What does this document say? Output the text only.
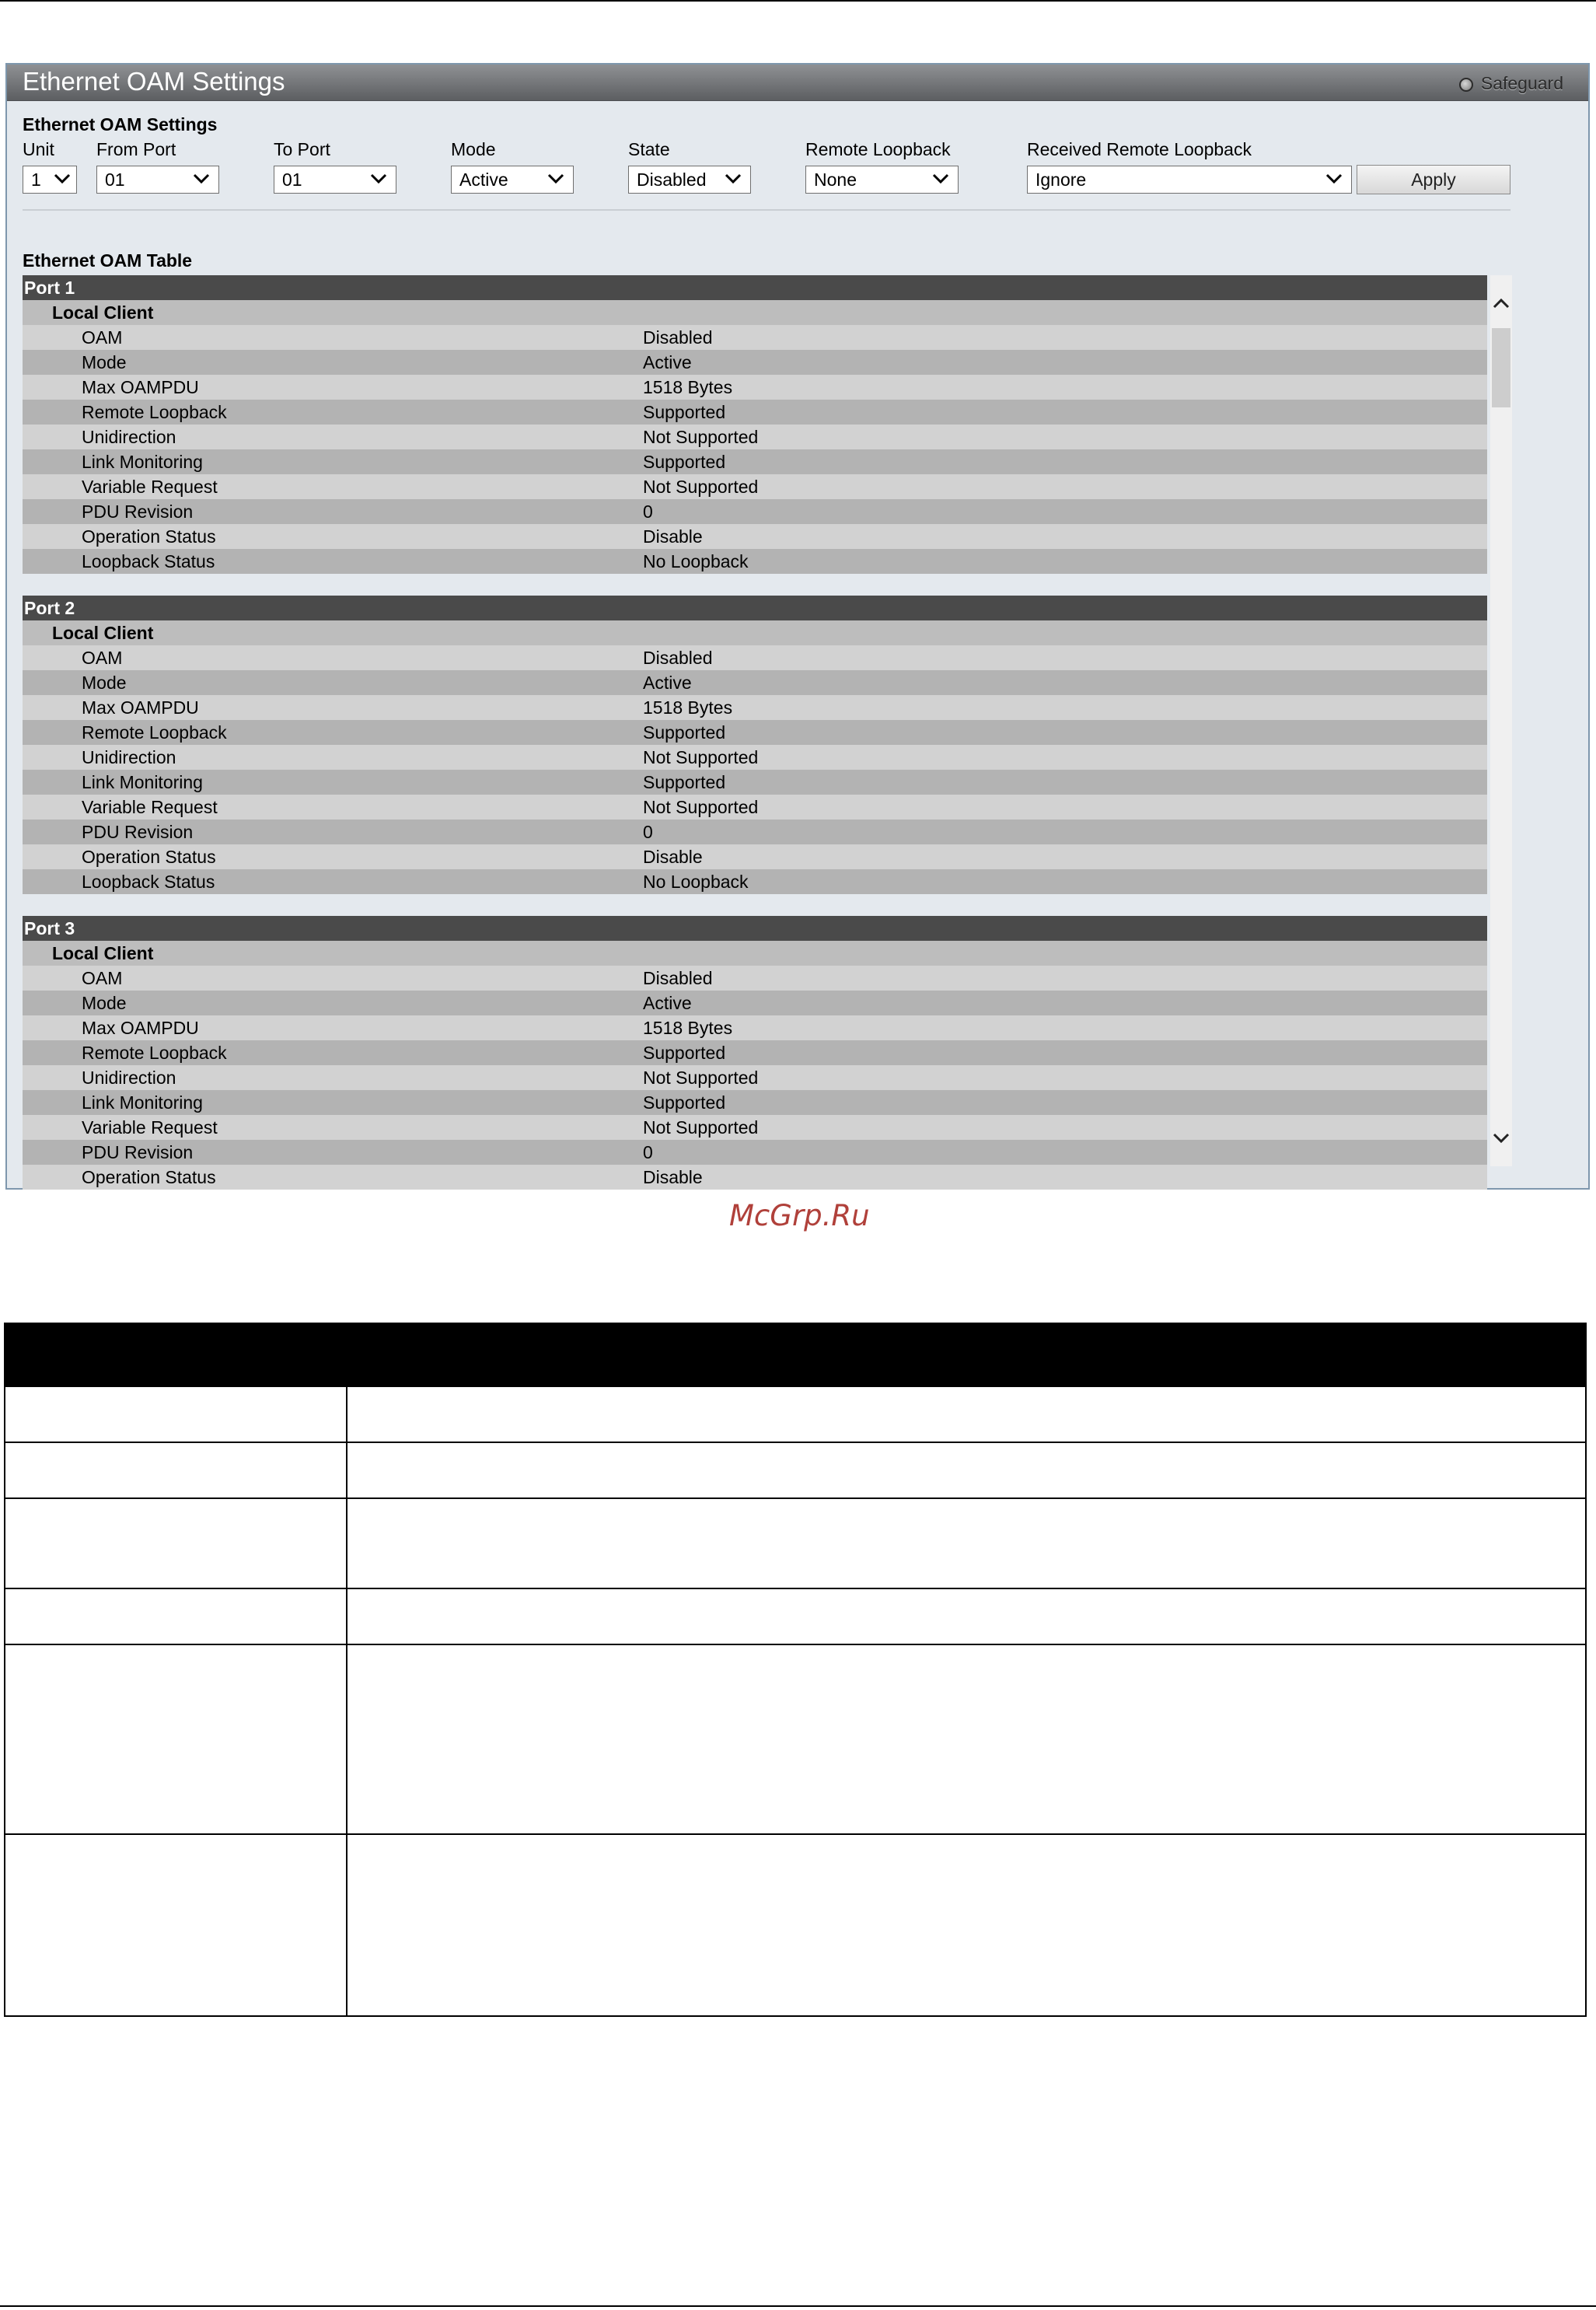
Ethernet OAM Settings	Safeguard
Ethernet OAM Settings
Unit From Port	To Port	Mode	State	Remote Loopback	Received Remote Loopback
1	01	01	Active	Disabled	None	Ignore	Apply
Ethernet OAM Table
Port 1
Local Client
OAM	Disabled
Mode	Active
Max OAMPDU	1518 Bytes
Remote Loopback	Supported
Unidirection	Not Supported
Link Monitoring	Supported
Variable Request	Not Supported
PDU Revision	0
Operation Status	Disable
Loopback Status	No Loopback
Port 2
Local Client
OAM	Disabled
Mode	Active
Max OAMPDU	1518 Bytes
Remote Loopback	Supported
Unidirection	Not Supported
Link Monitoring	Supported
Variable Request	Not Supported
PDU Revision	0
Operation Status	Disable
Loopback Status	No Loopback
Port 3
Local Client
OAM	Disabled
Mode	Active
Max OAMPDU	1518 Bytes
Remote Loopback	Supported
Unidirection	Not Supported
Link Monitoring	Supported
Variable Request	Not Supported
PDU Revision	0
Operation Status	Disable
McGrp.Ru
